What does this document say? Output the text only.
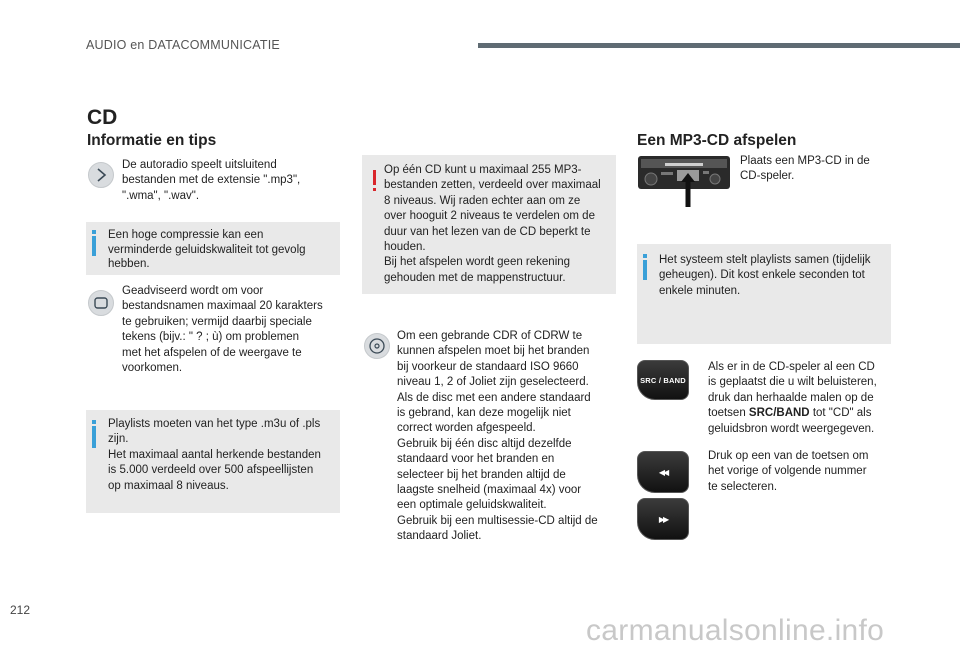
AUDIO en DATACOMMUNICATIE
CD
Informatie en tips
De autoradio speelt uitsluitend
bestanden met de extensie ".mp3",
".wma", ".wav".
Een hoge compressie kan een
verminderde geluidskwaliteit tot gevolg
hebben.
Geadviseerd wordt om voor
bestandsnamen maximaal 20 karakters
te gebruiken; vermijd daarbij speciale
tekens (bijv.: " ? ; ù) om problemen
met het afspelen of de weergave te
voorkomen.
Playlists moeten van het type .m3u of .pls
zijn.
Het maximaal aantal herkende bestanden
is 5.000 verdeeld over 500 afspeellijsten
op maximaal 8 niveaus.
Op één CD kunt u maximaal 255 MP3-
bestanden zetten, verdeeld over maximaal
8 niveaus. Wij raden echter aan om ze
over hooguit 2 niveaus te verdelen om de
duur van het lezen van de CD beperkt te
houden.
Bij het afspelen wordt geen rekening
gehouden met de mappenstructuur.
Om een gebrande CDR of CDRW te
kunnen afspelen moet bij het branden
bij voorkeur de standaard ISO 9660
niveau 1, 2 of Joliet zijn geselecteerd.
Als de disc met een andere standaard
is gebrand, kan deze mogelijk niet
correct worden afgespeeld.
Gebruik bij één disc altijd dezelfde
standaard voor het branden en
selecteer bij het branden altijd de
laagste snelheid (maximaal 4x) voor
een optimale geluidskwaliteit.
Gebruik bij een multisessie-CD altijd de
standaard Joliet.
Een MP3-CD afspelen
Plaats een MP3-CD in de
CD-speler.
Het systeem stelt playlists samen (tijdelijk
geheugen). Dit kost enkele seconden tot
enkele minuten.
SRC / BAND
Als er in de CD-speler al een CD
is geplaatst die u wilt beluisteren,
druk dan herhaalde malen op de
toetsen SRC/BAND tot "CD" als
geluidsbron wordt weergegeven.
◀◀
▶▶
Druk op een van de toetsen om
het vorige of volgende nummer
te selecteren.
212
carmanualsonline.info
